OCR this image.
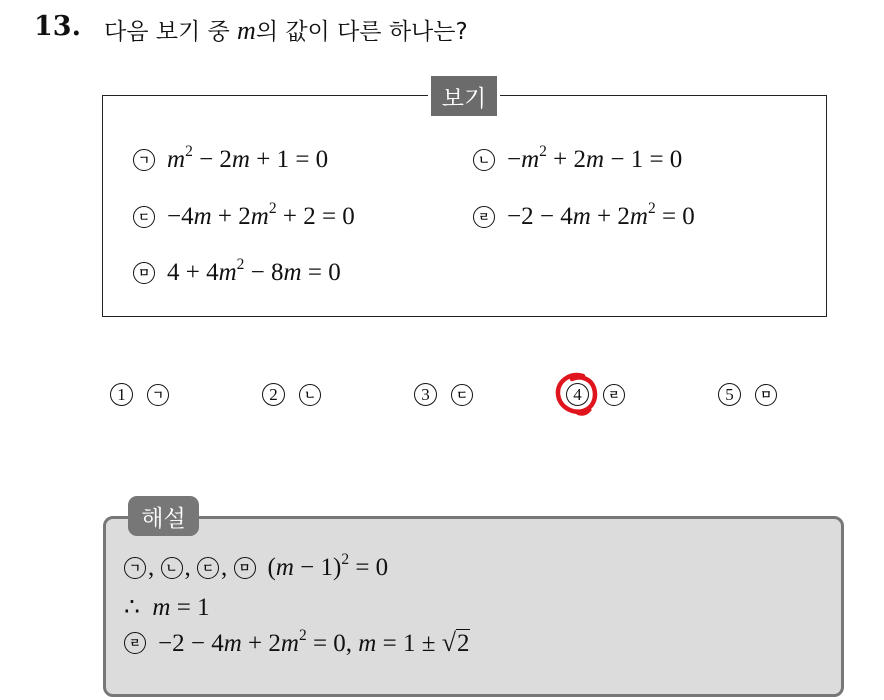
13. 다음 보기 중 m의 값이 다른 하나는?
보기
ㄱ $m^2 - 2m + 1 = 0$	ㄴ $-m^2 + 2m - 1 = 0$
ㄷ $-4m + 2m^2 + 2 = 0$	ㄹ $-2 - 4m + 2m^2 = 0$
ㅁ $4 + 4m^2 - 8m = 0$
1	ㄱ	2	ㄴ	3	ㄷ	4	ㄹ	5	ㅁ
해설
ㄱ , ㄴ , ㄷ , ㅁ $(m - 1)^2 = 0$
∴  m = 1
ㄹ $-2 - 4m + 2m^2 = 0$, m = 1 ± √ 2
